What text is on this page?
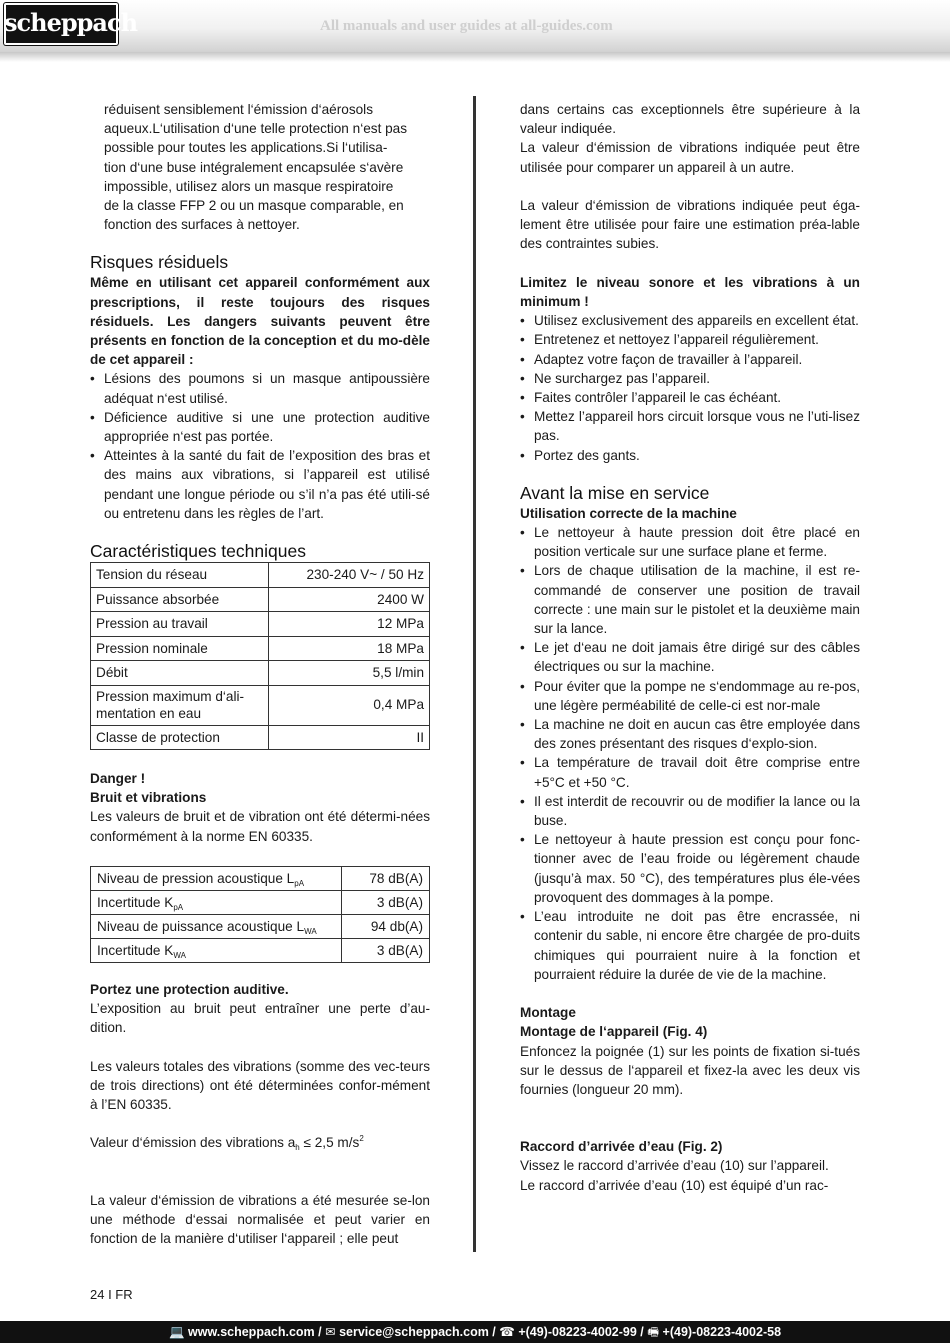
scheppach	All manuals and user guides at all-guides.com

réduisent sensiblement l‘émission d‘aérosols

aqueux.L‘utilisation d‘une telle protection n‘est pas

possible pour toutes les applications.Si l‘utilisa-

tion d‘une buse intégralement encapsulée s‘avère

impossible, utilisez alors un masque respiratoire

de la classe FFP 2 ou un masque comparable, en

fonction des surfaces à nettoyer.

Risques résiduels

Même en utilisant cet appareil conformément aux prescriptions, il reste toujours des risques résiduels. Les dangers suivants peuvent être présents en fonction de la conception et du mo-dèle de cet appareil :

• Lésions des poumons si un masque antipoussière adéquat n‘est utilisé.
• Déficience auditive si une une protection auditive appropriée n‘est pas portée.
• Atteintes à la santé du fait de l’exposition des bras et des mains aux vibrations, si l’appareil est utilisé pendant une longue période ou s’il n’a pas été utili-sé ou entretenu dans les règles de l’art.
Caractéristiques techniques
Tension du réseau	230-240 V~ / 50 Hz
Puissance absorbée	2400 W
Pression au travail	12 MPa
Pression nominale	18 MPa
Débit	5,5 l/min
Pression maximum d‘ali-mentation en eau	0,4 MPa
Classe de protection	II

Danger !

Bruit et vibrations

Les valeurs de bruit et de vibration ont été détermi-nées conformément à la norme EN 60335.

Niveau de pression acoustique $L_{pA}$	78 dB(A)
Incertitude $K_{pA}$	3 dB(A)
Niveau de puissance acoustique $L_{WA}$	94 db(A)
Incertitude $K_{WA}$	3 dB(A)

Portez une protection auditive.

L’exposition au bruit peut entraîner une perte d’au-dition.

Les valeurs totales des vibrations (somme des vec-teurs de trois directions) ont été déterminées confor-mément à l’EN 60335.

Valeur d‘émission des vibrations $a_h \le 2,5$ $m/s^2$

La valeur d‘émission de vibrations a été mesurée se-lon une méthode d‘essai normalisée et peut varier en fonction de la manière d‘utiliser l‘appareil ; elle peut

dans certains cas exceptionnels être supérieure à la valeur indiquée.

La valeur d‘émission de vibrations indiquée peut être utilisée pour comparer un appareil à un autre.

La valeur d‘émission de vibrations indiquée peut éga-lement être utilisée pour faire une estimation préa-lable des contraintes subies.

Limitez le niveau sonore et les vibrations à un minimum !

• Utilisez exclusivement des appareils en excellent état.
• Entretenez et nettoyez l’appareil régulièrement.
• Adaptez votre façon de travailler à l’appareil.
• Ne surchargez pas l’appareil.
• Faites contrôler l’appareil le cas échéant.
• Mettez l’appareil hors circuit lorsque vous ne l’uti-lisez pas.
• Portez des gants.
Avant la mise en service

Utilisation correcte de la machine

• Le nettoyeur à haute pression doit être placé en position verticale sur une surface plane et ferme.
• Lors de chaque utilisation de la machine, il est re-commandé de conserver une position de travail correcte : une main sur le pistolet et la deuxième main sur la lance.
• Le jet d‘eau ne doit jamais être dirigé sur des câbles électriques ou sur la machine.
• Pour éviter que la pompe ne s‘endommage au re-pos, une légère perméabilité de celle-ci est nor-male
• La machine ne doit en aucun cas être employée dans des zones présentant des risques d‘explo-sion.
• La température de travail doit être comprise entre +5°C et +50 °C.
• Il est interdit de recouvrir ou de modifier la lance ou la buse.
• Le nettoyeur à haute pression est conçu pour fonc-tionner avec de l’eau froide ou légèrement chaude (jusqu’à max. 50 °C), des températures plus éle-vées provoquent des dommages à la pompe.
• L’eau introduite ne doit pas être encrassée, ni contenir du sable, ni encore être chargée de pro-duits chimiques qui pourraient nuire à la fonction et pourraient réduire la durée de vie de la machine.

Montage

Montage de l‘appareil (Fig. 4)

Enfoncez la poignée (1) sur les points de fixation si-tués sur le dessus de l‘appareil et fixez-la avec les deux vis fournies (longueur 20 mm).

Raccord d’arrivée d’eau (Fig. 2)

Vissez le raccord d’arrivée d’eau (10) sur l’appareil.

Le raccord d’arrivée d’eau (10) est équipé d’un rac-

24 I FR
💻 www.scheppach.com / ✉ service@scheppach.com / ☎ +(49)-08223-4002-99 / 🖷 +(49)-08223-4002-58
